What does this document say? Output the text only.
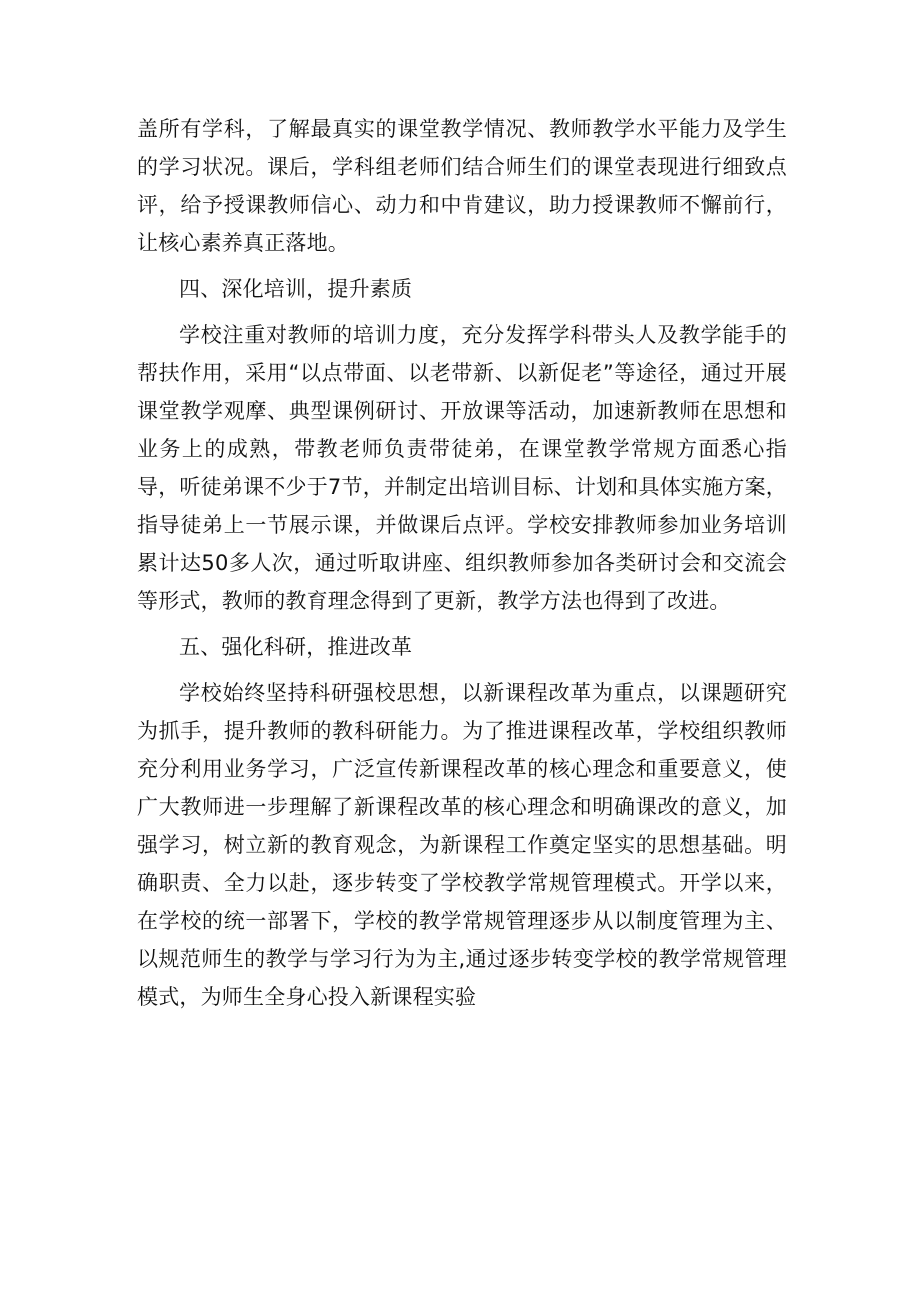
盖所有学科，了解最真实的课堂教学情况、教师教学水平能力及学生的学习状况。课后，学科组老师们结合师生们的课堂表现进行细致点评，给予授课教师信心、动力和中肯建议，助力授课教师不懈前行，让核心素养真正落地。

四、深化培训，提升素质

学校注重对教师的培训力度，充分发挥学科带头人及教学能手的帮扶作用，采用“以点带面、以老带新、以新促老”等途径，通过开展课堂教学观摩、典型课例研讨、开放课等活动，加速新教师在思想和业务上的成熟，带教老师负责带徒弟，在课堂教学常规方面悉心指导，听徒弟课不少于7节，并制定出培训目标、计划和具体实施方案，指导徒弟上一节展示课，并做课后点评。学校安排教师参加业务培训累计达50多人次，通过听取讲座、组织教师参加各类研讨会和交流会等形式，教师的教育理念得到了更新，教学方法也得到了改进。

五、强化科研，推进改革

学校始终坚持科研强校思想，以新课程改革为重点，以课题研究为抓手，提升教师的教科研能力。为了推进课程改革，学校组织教师充分利用业务学习，广泛宣传新课程改革的核心理念和重要意义，使广大教师进一步理解了新课程改革的核心理念和明确课改的意义，加强学习，树立新的教育观念，为新课程工作奠定坚实的思想基础。明确职责、全力以赴，逐步转变了学校教学常规管理模式。开学以来，在学校的统一部署下，学校的教学常规管理逐步从以制度管理为主、以规范师生的教学与学习行为为主,通过逐步转变学校的教学常规管理模式，为师生全身心投入新课程实验
